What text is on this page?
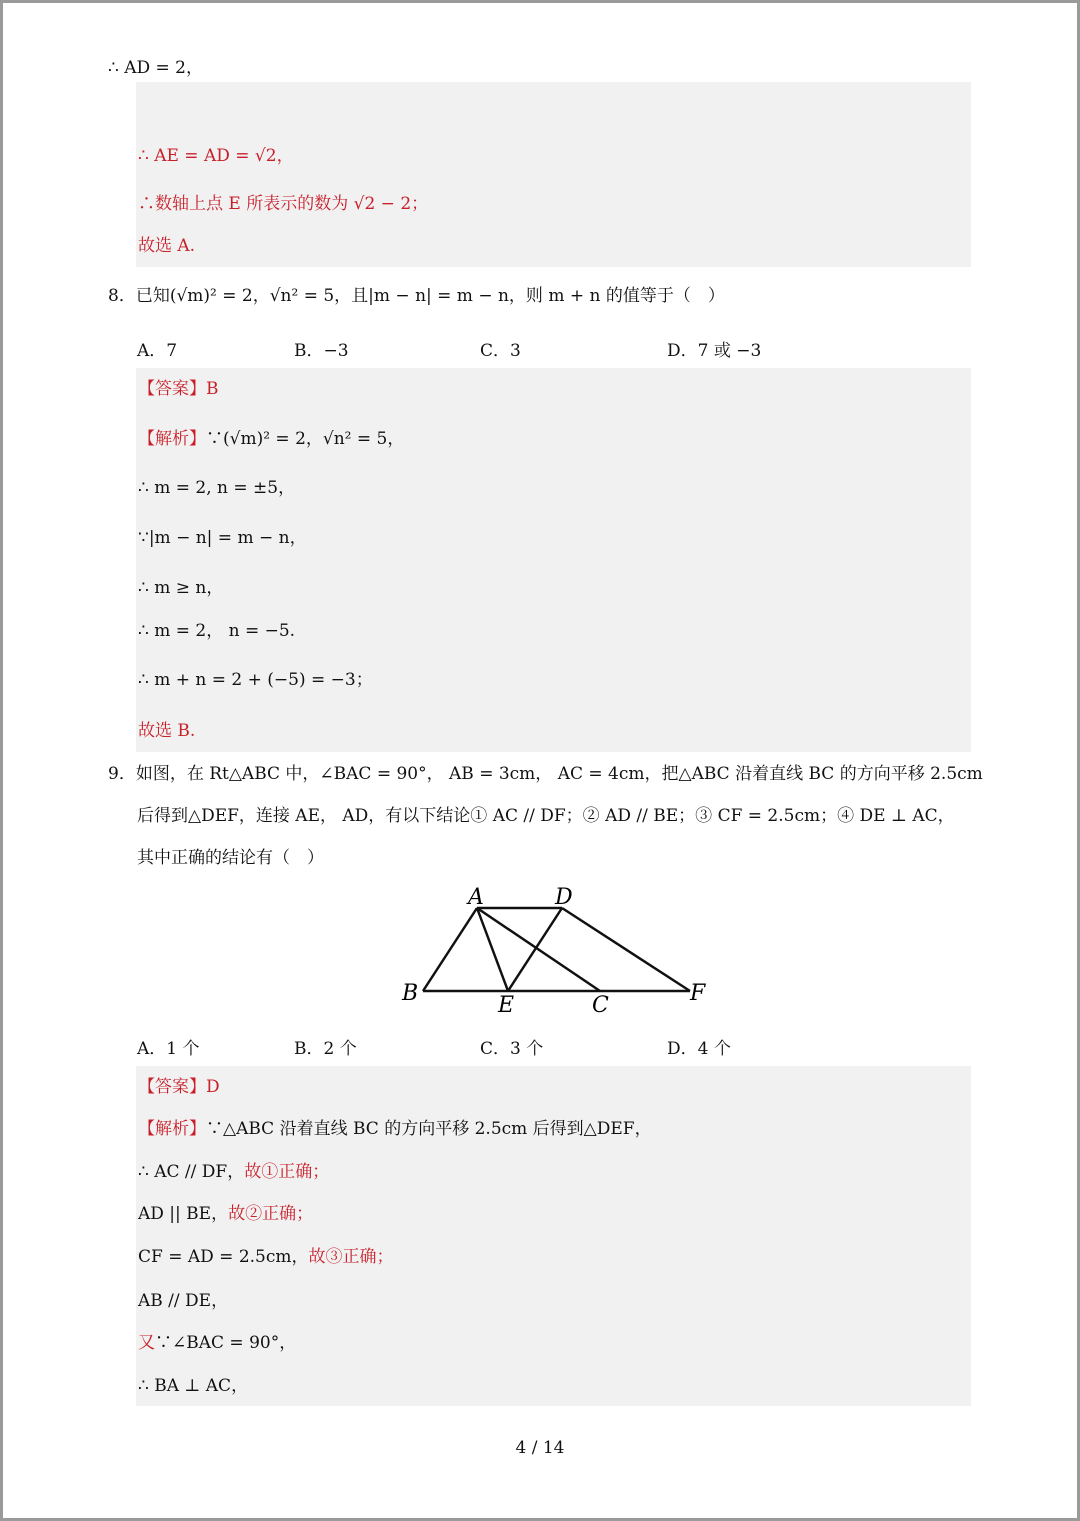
∴ AD = 2，
∴ AE = AD = √2，
∴数轴上点 E 所表示的数为 √2 − 2；
故选 A.
8．已知(√m)² = 2，√n² = 5，且|m − n| = m − n，则 m + n 的值等于（　）
A．7	B．−3	C．3	D．7 或 −3
【答案】B
【解析】∵(√m)² = 2，√n² = 5，
∴ m = 2, n = ±5，
∵|m − n| = m − n，
∴ m ≥ n，
∴ m = 2， n = −5.
∴ m + n = 2 + (−5) = −3；
故选 B.
9．如图，在 Rt△ABC 中，∠BAC = 90°， AB = 3cm， AC = 4cm，把△ABC 沿着直线 BC 的方向平移 2.5cm
后得到△DEF，连接 AE， AD，有以下结论① AC // DF；② AD // BE；③ CF = 2.5cm；④ DE ⊥ AC，
其中正确的结论有（　）
A	D
B	E	C	F
A．1 个	B．2 个	C．3 个	D．4 个
【答案】D
【解析】∵△ABC 沿着直线 BC 的方向平移 2.5cm 后得到△DEF，
∴ AC // DF，故①正确；
AD || BE，故②正确；
CF = AD = 2.5cm，故③正确；
AB // DE，
又∵∠BAC = 90°，
∴ BA ⊥ AC，
4 / 14
